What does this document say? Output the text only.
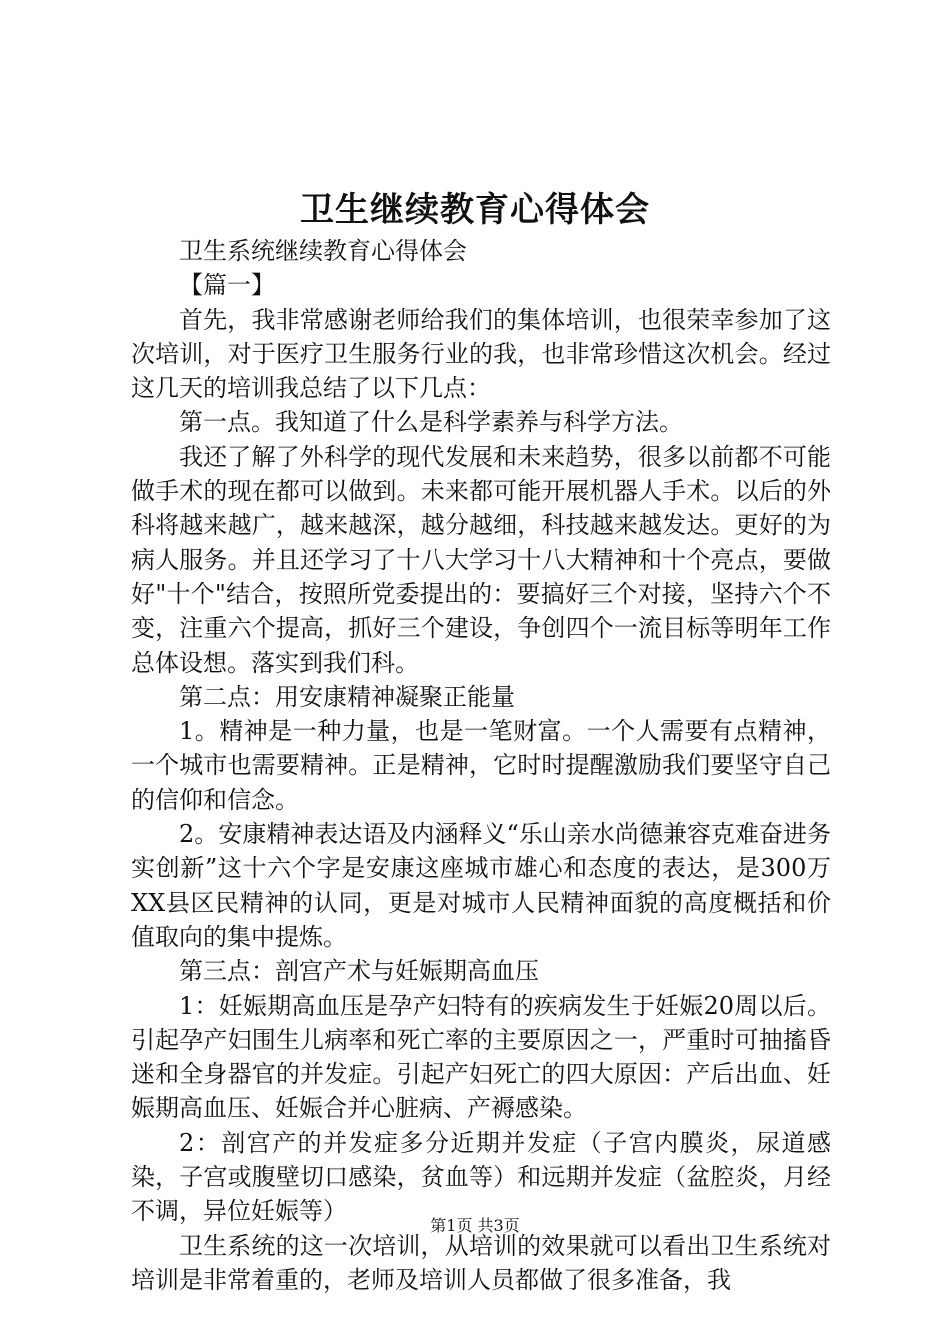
卫生继续教育心得体会

卫生系统继续教育心得体会

【篇一】

首先，我非常感谢老师给我们的集体培训，也很荣幸参加了这次培训，对于医疗卫生服务行业的我，也非常珍惜这次机会。经过这几天的培训我总结了以下几点：

第一点。我知道了什么是科学素养与科学方法。

我还了解了外科学的现代发展和未来趋势，很多以前都不可能做手术的现在都可以做到。未来都可能开展机器人手术。以后的外科将越来越广，越来越深，越分越细，科技越来越发达。更好的为病人服务。并且还学习了十八大学习十八大精神和十个亮点，要做好"十个"结合，按照所党委提出的：要搞好三个对接，坚持六个不变，注重六个提高，抓好三个建设，争创四个一流目标等明年工作总体设想。落实到我们科。

第二点：用安康精神凝聚正能量

1。精神是一种力量，也是一笔财富。一个人需要有点精神，一个城市也需要精神。正是精神，它时时提醒激励我们要坚守自己的信仰和信念。

2。安康精神表达语及内涵释义“乐山亲水尚德兼容克难奋进务实创新”这十六个字是安康这座城市雄心和态度的表达，是300万XX县区民精神的认同，更是对城市人民精神面貌的高度概括和价值取向的集中提炼。

第三点：剖宫产术与妊娠期高血压

1：妊娠期高血压是孕产妇特有的疾病发生于妊娠20周以后。引起孕产妇围生儿病率和死亡率的主要原因之一，严重时可抽搐昏迷和全身器官的并发症。引起产妇死亡的四大原因：产后出血、妊娠期高血压、妊娠合并心脏病、产褥感染。

2：剖宫产的并发症多分近期并发症（子宫内膜炎，尿道感染，子宫或腹壁切口感染，贫血等）和远期并发症（盆腔炎，月经不调，异位妊娠等）

卫生系统的这一次培训，从培训的效果就可以看出卫生系统对培训是非常着重的，老师及培训人员都做了很多准备，我

第1页 共3页
